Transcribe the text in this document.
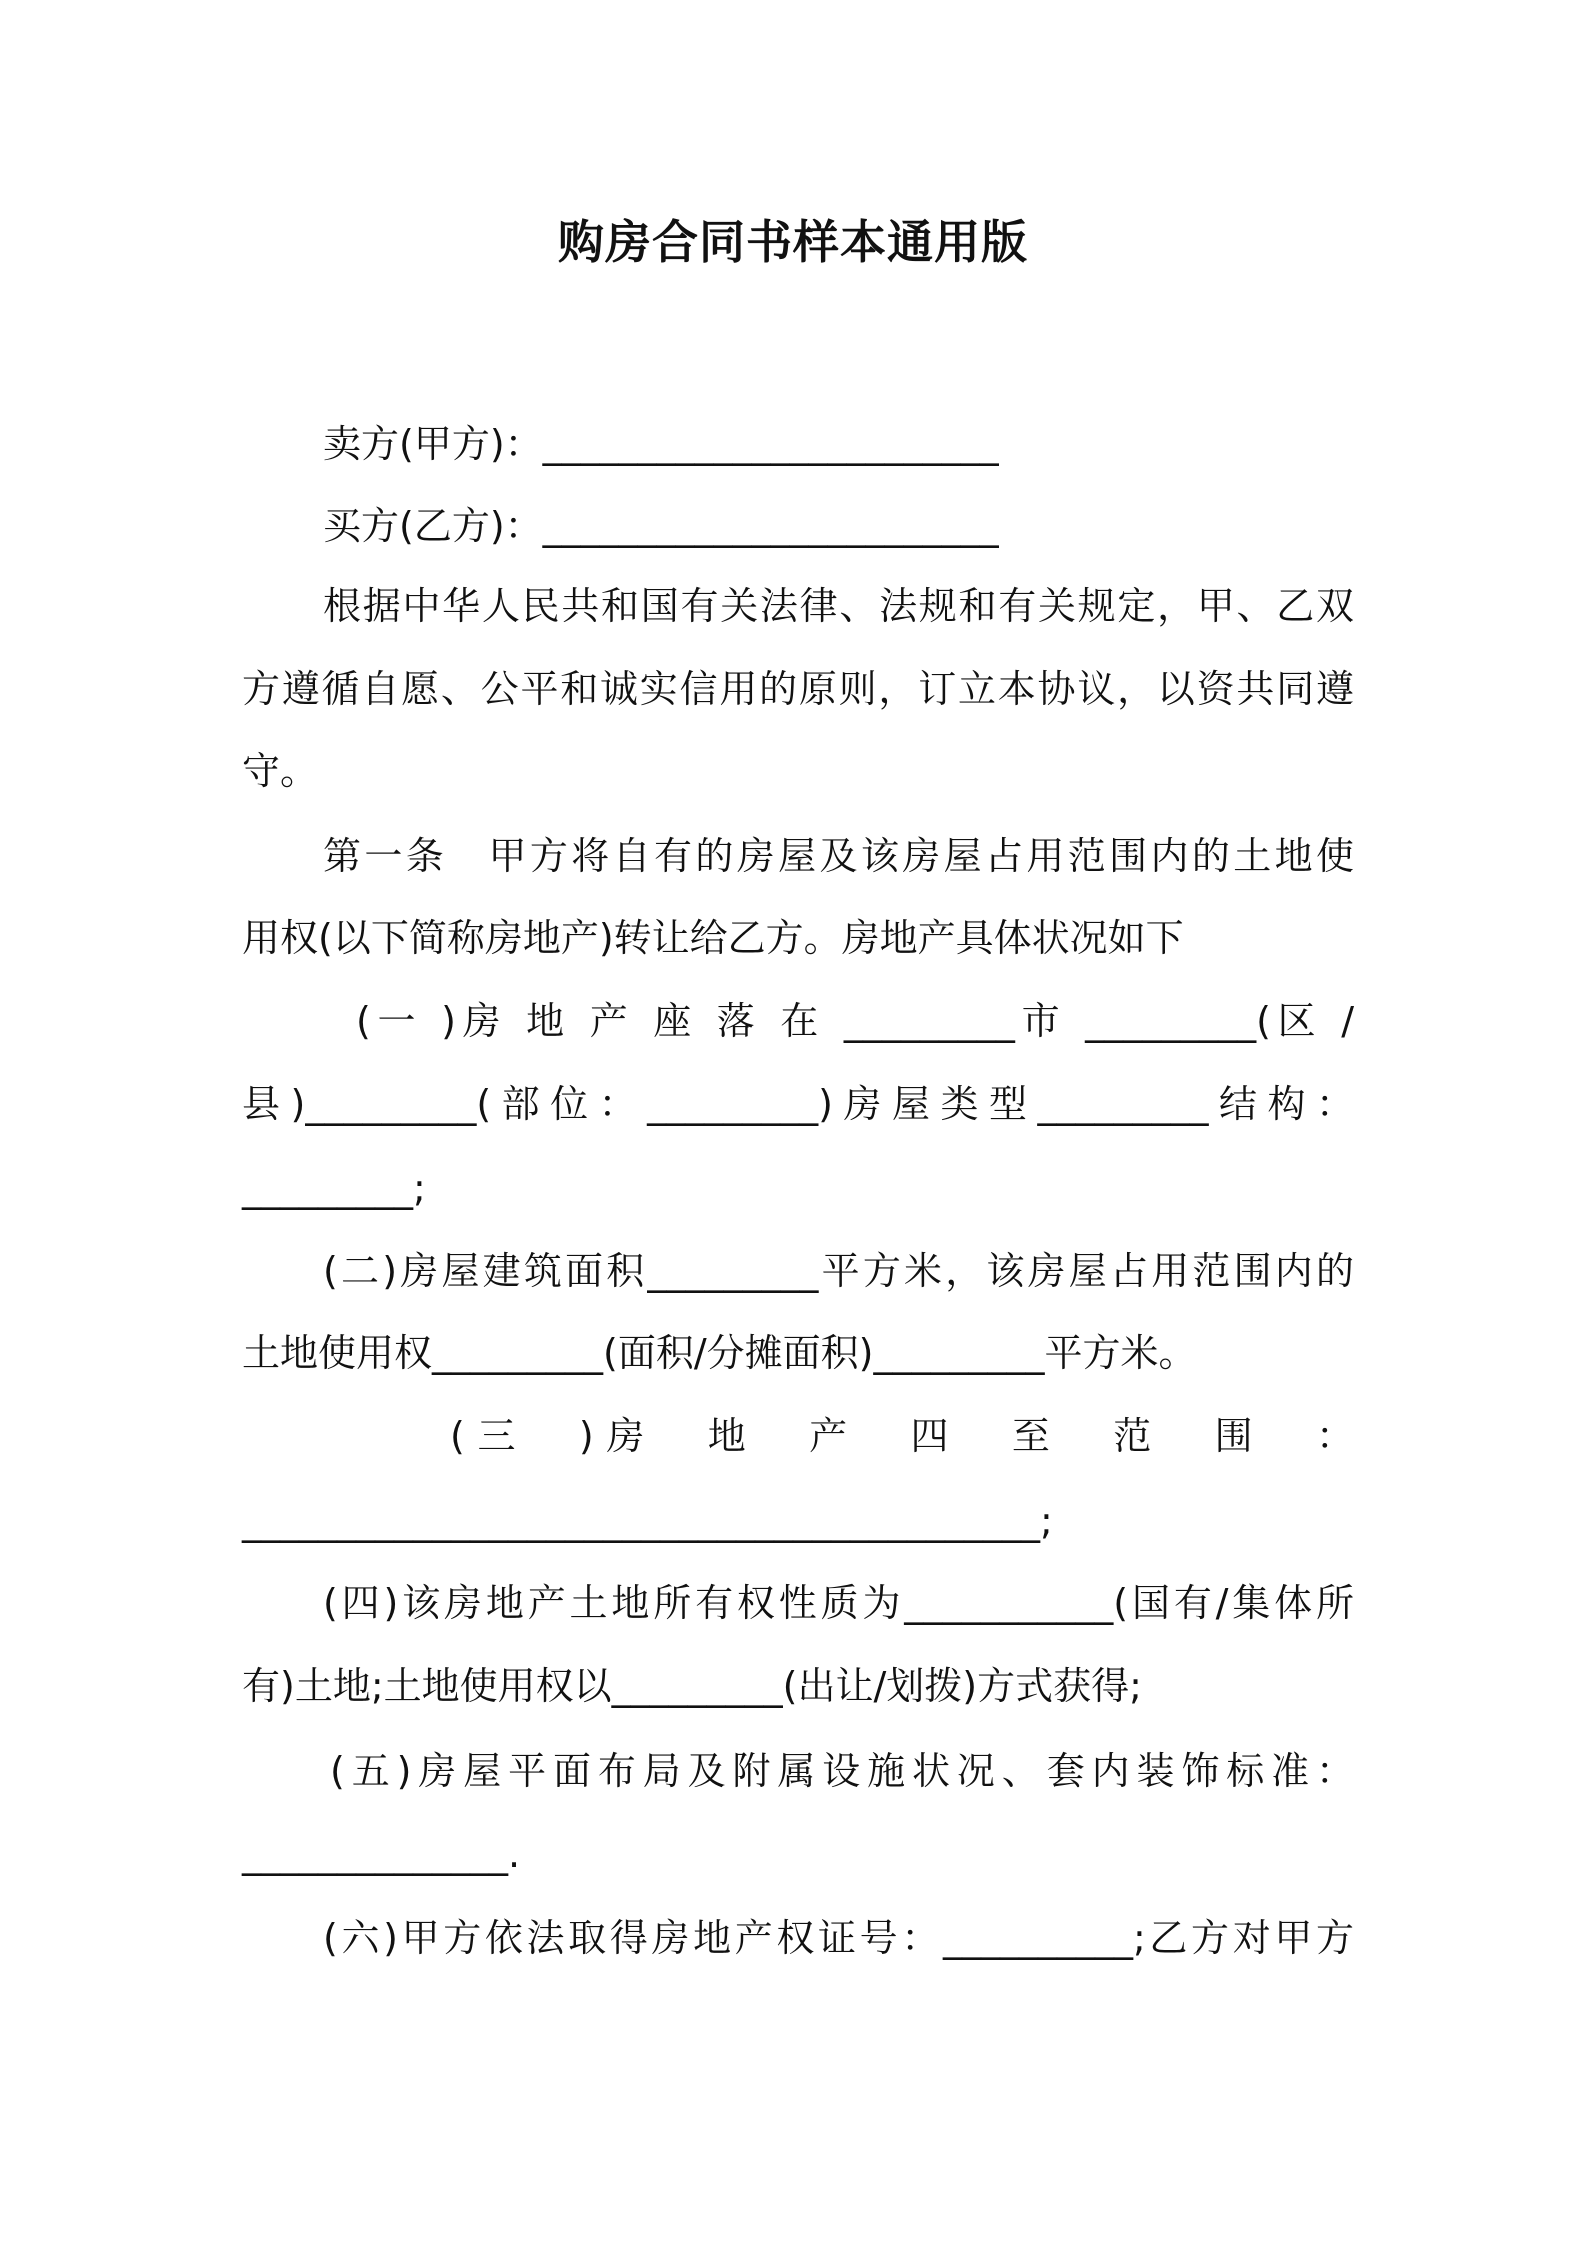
购房合同书样本通用版

卖方(甲方)：________________________

买方(乙方)：________________________

根据中华人民共和国有关法律、法规和有关规定，甲、乙双

方遵循自愿、公平和诚实信用的原则，订立本协议，以资共同遵

守。

第一条　甲方将自有的房屋及该房屋占用范围内的土地使

用权(以下简称房地产)转让给乙方。房地产具体状况如下

(一 )房 地 产 座 落 在 _________市 _________(区 /

县)_________(部位：_________)房屋类型_________结构：

_________;

(二)房屋建筑面积_________平方米，该房屋占用范围内的

土地使用权_________(面积/分摊面积)_________平方米。

(三　)房　地　产　四　至　范　围　：

__________________________________________;

(四)该房地产土地所有权性质为___________(国有/集体所

有)土地;土地使用权以_________(出让/划拨)方式获得;

(五)房屋平面布局及附属设施状况、套内装饰标准：

______________.

(六)甲方依法取得房地产权证号：__________;乙方对甲方
